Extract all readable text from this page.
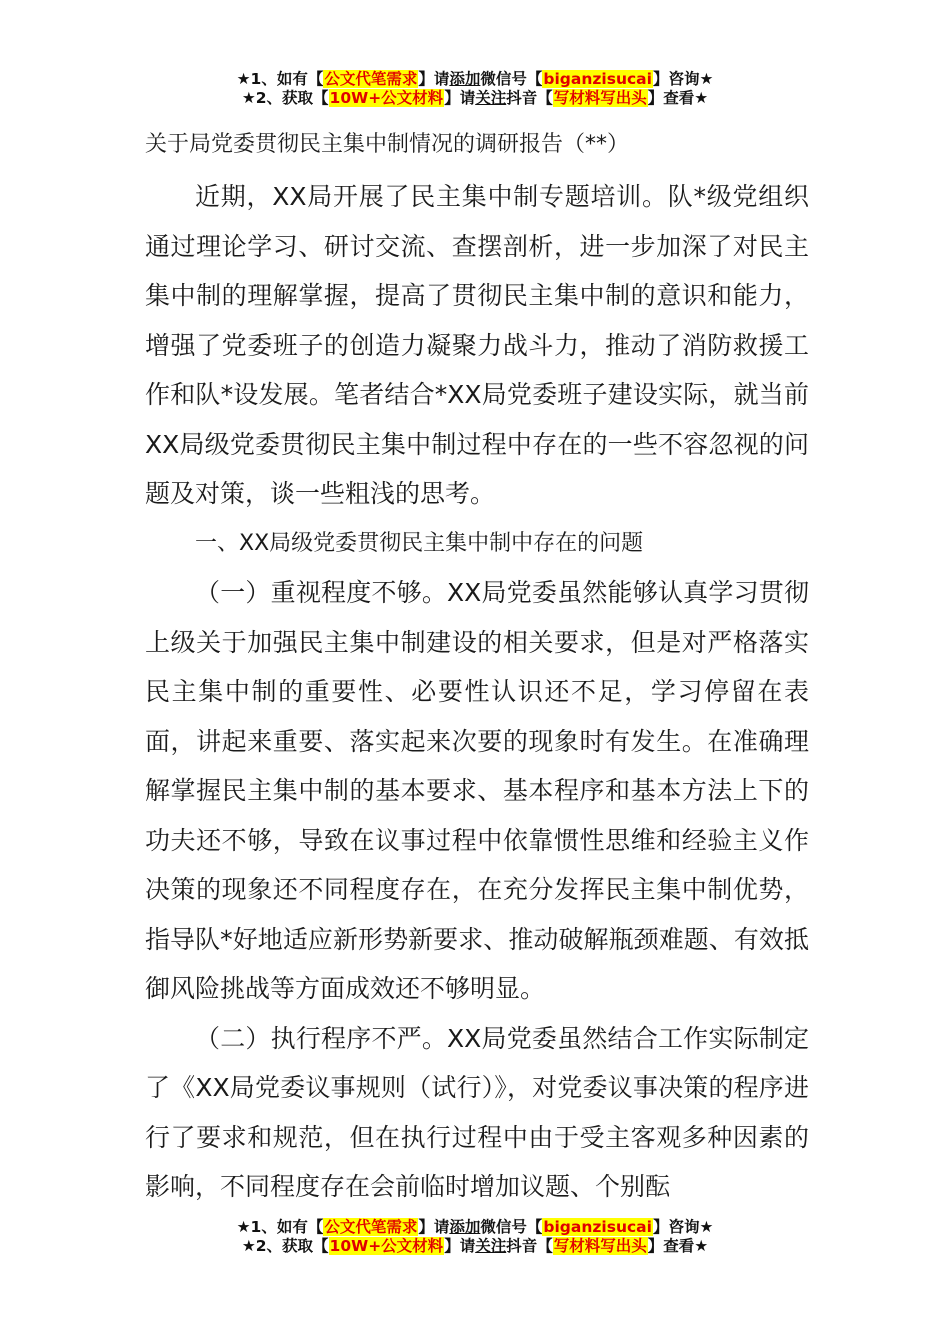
★1、如有【公文代笔需求】请添加微信号【biganzisucai】咨询★
★2、获取【10W+公文材料】请关注抖音【写材料写出头】查看★
关于局党委贯彻民主集中制情况的调研报告（**）

近期，XX局开展了民主集中制专题培训。队*级党组织通过理论学习、研讨交流、查摆剖析，进一步加深了对民主集中制的理解掌握，提高了贯彻民主集中制的意识和能力，增强了党委班子的创造力凝聚力战斗力，推动了消防救援工作和队*设发展。笔者结合*XX局党委班子建设实际，就当前XX局级党委贯彻民主集中制过程中存在的一些不容忽视的问题及对策，谈一些粗浅的思考。

一、XX局级党委贯彻民主集中制中存在的问题

（一）重视程度不够。XX局党委虽然能够认真学习贯彻上级关于加强民主集中制建设的相关要求，但是对严格落实民主集中制的重要性、必要性认识还不足，学习停留在表面，讲起来重要、落实起来次要的现象时有发生。在准确理解掌握民主集中制的基本要求、基本程序和基本方法上下的功夫还不够，导致在议事过程中依靠惯性思维和经验主义作决策的现象还不同程度存在，在充分发挥民主集中制优势，指导队*好地适应新形势新要求、推动破解瓶颈难题、有效抵御风险挑战等方面成效还不够明显。

（二）执行程序不严。XX局党委虽然结合工作实际制定了《XX局党委议事规则（试行）》，对党委议事决策的程序进行了要求和规范，但在执行过程中由于受主客观多种因素的影响，不同程度存在会前临时增加议题、个别酝

★1、如有【公文代笔需求】请添加微信号【biganzisucai】咨询★
★2、获取【10W+公文材料】请关注抖音【写材料写出头】查看★
